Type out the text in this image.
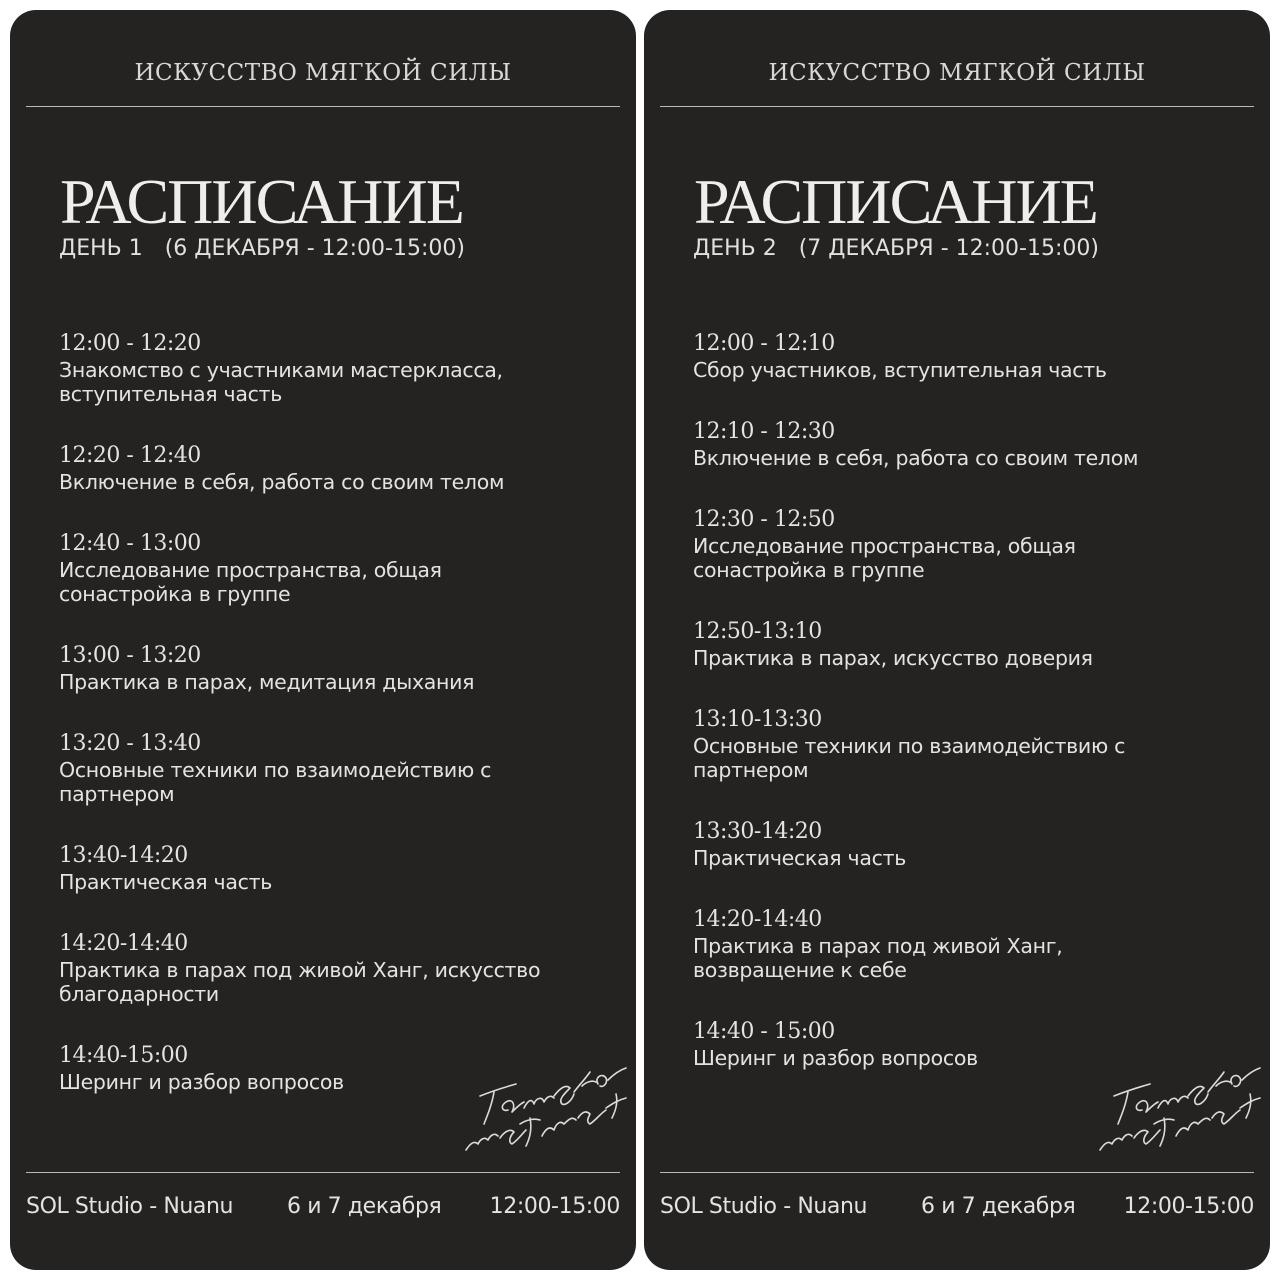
ИСКУССТВО МЯГКОЙ СИЛЫ
РАСПИСАНИЕ
ДЕНЬ 1 (6 ДЕКАБРЯ - 12:00-15:00)
12:00 - 12:20
Знакомство с участниками мастеркласса,
вступительная часть
12:20 - 12:40
Включение в себя, работа со своим телом
12:40 - 13:00
Исследование пространства, общая
сонастройка в группе
13:00 - 13:20
Практика в парах, медитация дыхания
13:20 - 13:40
Основные техники по взаимодействию с
партнером
13:40-14:20
Практическая часть
14:20-14:40
Практика в парах под живой Ханг, искусство
благодарности
14:40-15:00
Шеринг и разбор вопросов
SOL Studio - Nuanu 6 и 7 декабря 12:00-15:00
ИСКУССТВО МЯГКОЙ СИЛЫ
РАСПИСАНИЕ
ДЕНЬ 2 (7 ДЕКАБРЯ - 12:00-15:00)
12:00 - 12:10
Сбор участников, вступительная часть
12:10 - 12:30
Включение в себя, работа со своим телом
12:30 - 12:50
Исследование пространства, общая
сонастройка в группе
12:50-13:10
Практика в парах, искусство доверия
13:10-13:30
Основные техники по взаимодействию с
партнером
13:30-14:20
Практическая часть
14:20-14:40
Практика в парах под живой Ханг,
возвращение к себе
14:40 - 15:00
Шеринг и разбор вопросов
SOL Studio - Nuanu 6 и 7 декабря 12:00-15:00
